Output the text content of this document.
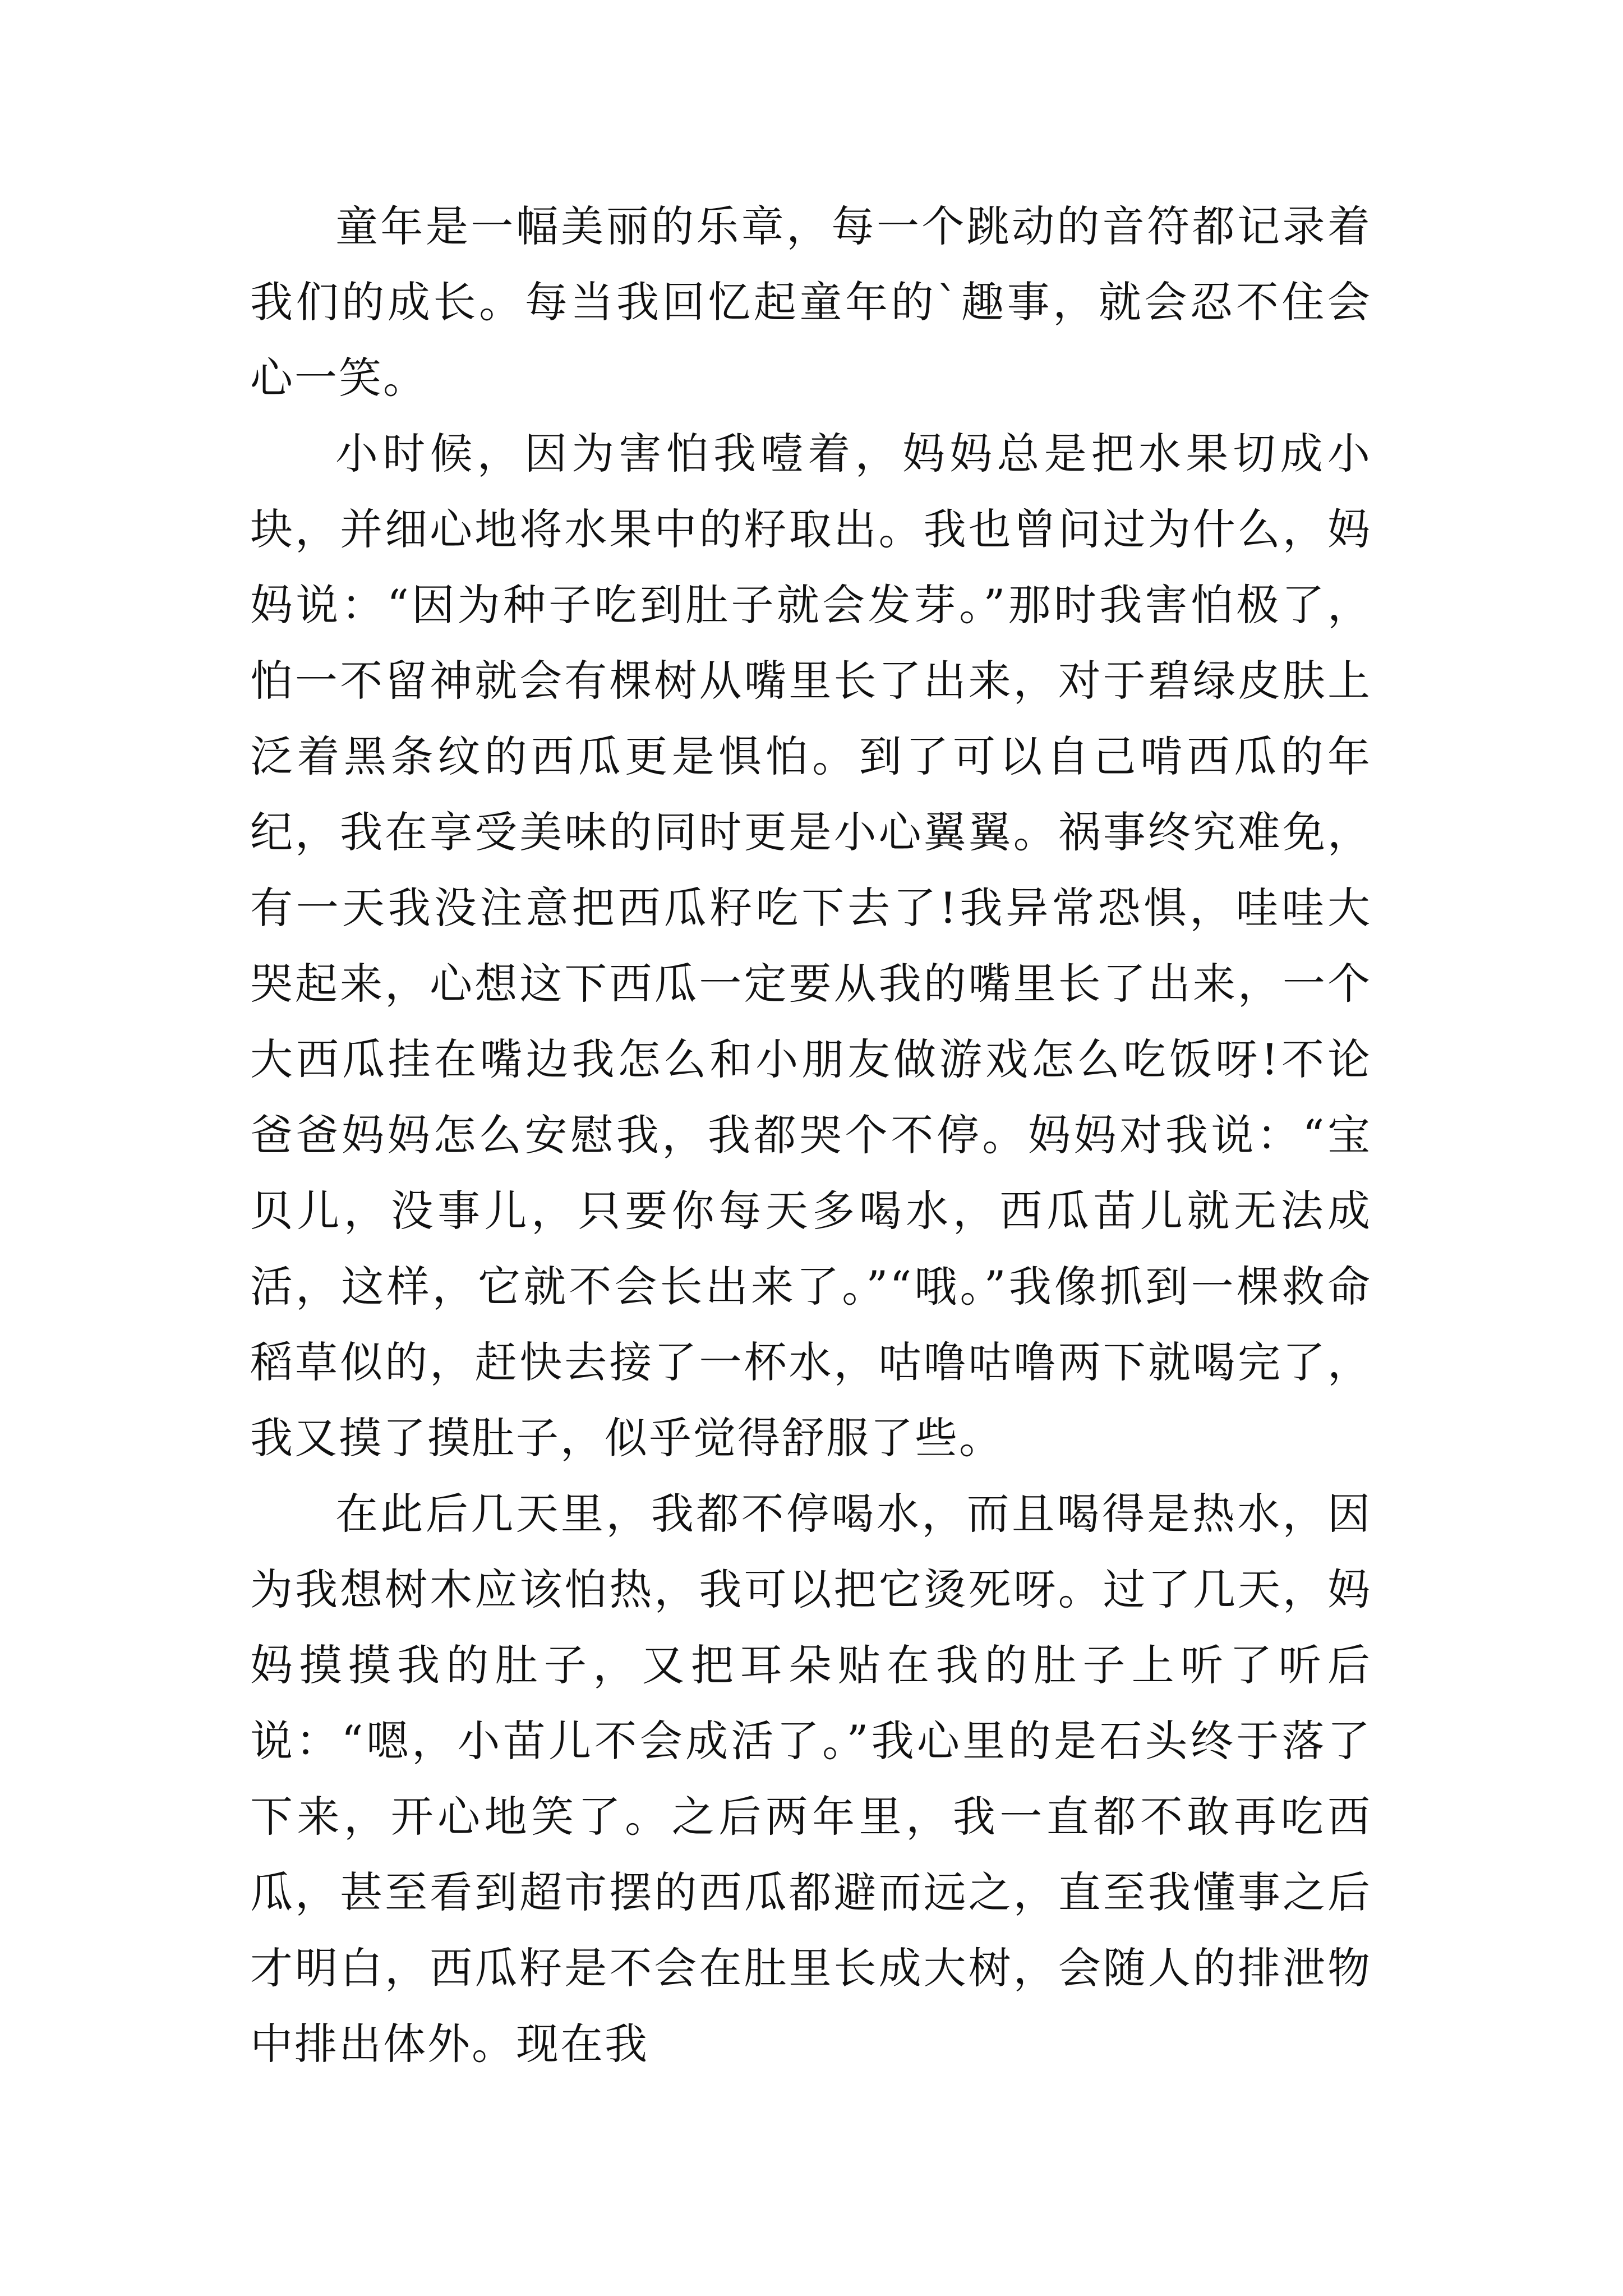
童年是一幅美丽的乐章，每一个跳动的音符都记录着我们的成长。每当我回忆起童年的`趣事，就会忍不住会心一笑。

小时候，因为害怕我噎着，妈妈总是把水果切成小块，并细心地将水果中的籽取出。我也曾问过为什么，妈妈说：“因为种子吃到肚子就会发芽。”那时我害怕极了，怕一不留神就会有棵树从嘴里长了出来，对于碧绿皮肤上泛着黑条纹的西瓜更是惧怕。到了可以自己啃西瓜的年纪，我在享受美味的同时更是小心翼翼。祸事终究难免，有一天我没注意把西瓜籽吃下去了!我异常恐惧，哇哇大哭起来，心想这下西瓜一定要从我的嘴里长了出来，一个大西瓜挂在嘴边我怎么和小朋友做游戏怎么吃饭呀!不论爸爸妈妈怎么安慰我，我都哭个不停。妈妈对我说：“宝贝儿，没事儿，只要你每天多喝水，西瓜苗儿就无法成活，这样，它就不会长出来了。”“哦。”我像抓到一棵救命稻草似的，赶快去接了一杯水，咕噜咕噜两下就喝完了，我又摸了摸肚子，似乎觉得舒服了些。

在此后几天里，我都不停喝水，而且喝得是热水，因为我想树木应该怕热，我可以把它烫死呀。过了几天，妈妈摸摸我的肚子，又把耳朵贴在我的肚子上听了听后说：“嗯，小苗儿不会成活了。”我心里的是石头终于落了下来，开心地笑了。之后两年里，我一直都不敢再吃西瓜，甚至看到超市摆的西瓜都避而远之，直至我懂事之后才明白，西瓜籽是不会在肚里长成大树，会随人的排泄物中排出体外。现在我
